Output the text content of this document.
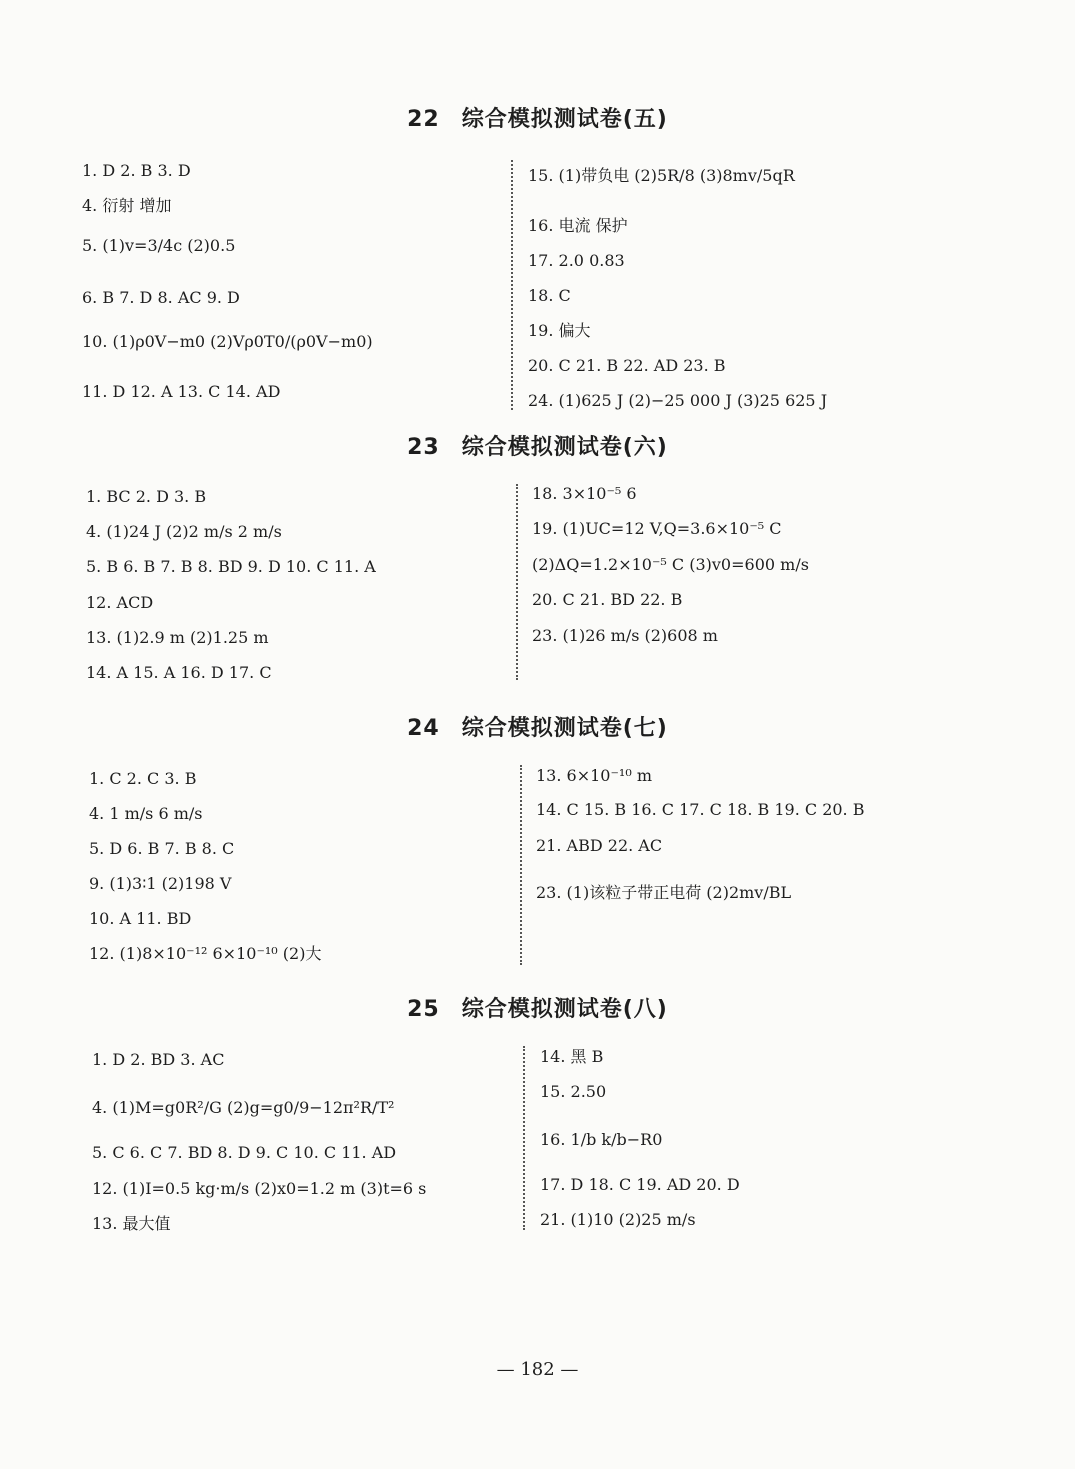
22 综合模拟测试卷(五)
1. D 2. B 3. D
4. 衍射 增加
5. (1)v=3/4c (2)0.5
6. B 7. D 8. AC 9. D
10. (1)ρ0V−m0 (2)Vρ0T0/(ρ0V−m0)
11. D 12. A 13. C 14. AD
15. (1)带负电 (2)5R/8 (3)8mv/5qR
16. 电流 保护
17. 2.0 0.83
18. C
19. 偏大
20. C 21. B 22. AD 23. B
24. (1)625 J (2)−25 000 J (3)25 625 J
23 综合模拟测试卷(六)
1. BC 2. D 3. B
4. (1)24 J (2)2 m/s 2 m/s
5. B 6. B 7. B 8. BD 9. D 10. C 11. A
12. ACD
13. (1)2.9 m (2)1.25 m
14. A 15. A 16. D 17. C
18. 3×10⁻⁵ 6
19. (1)UC=12 V,Q=3.6×10⁻⁵ C
(2)ΔQ=1.2×10⁻⁵ C (3)v0=600 m/s
20. C 21. BD 22. B
23. (1)26 m/s (2)608 m
24 综合模拟测试卷(七)
1. C 2. C 3. B
4. 1 m/s 6 m/s
5. D 6. B 7. B 8. C
9. (1)3∶1 (2)198 V
10. A 11. BD
12. (1)8×10⁻¹² 6×10⁻¹⁰ (2)大
13. 6×10⁻¹⁰ m
14. C 15. B 16. C 17. C 18. B 19. C 20. B
21. ABD 22. AC
23. (1)该粒子带正电荷 (2)2mv/BL
25 综合模拟测试卷(八)
1. D 2. BD 3. AC
4. (1)M=g0R²/G (2)g=g0/9−12π²R/T²
5. C 6. C 7. BD 8. D 9. C 10. C 11. AD
12. (1)I=0.5 kg·m/s (2)x0=1.2 m (3)t=6 s
13. 最大值
14. 黑 B
15. 2.50
16. 1/b k/b−R0
17. D 18. C 19. AD 20. D
21. (1)10 (2)25 m/s
— 182 —
